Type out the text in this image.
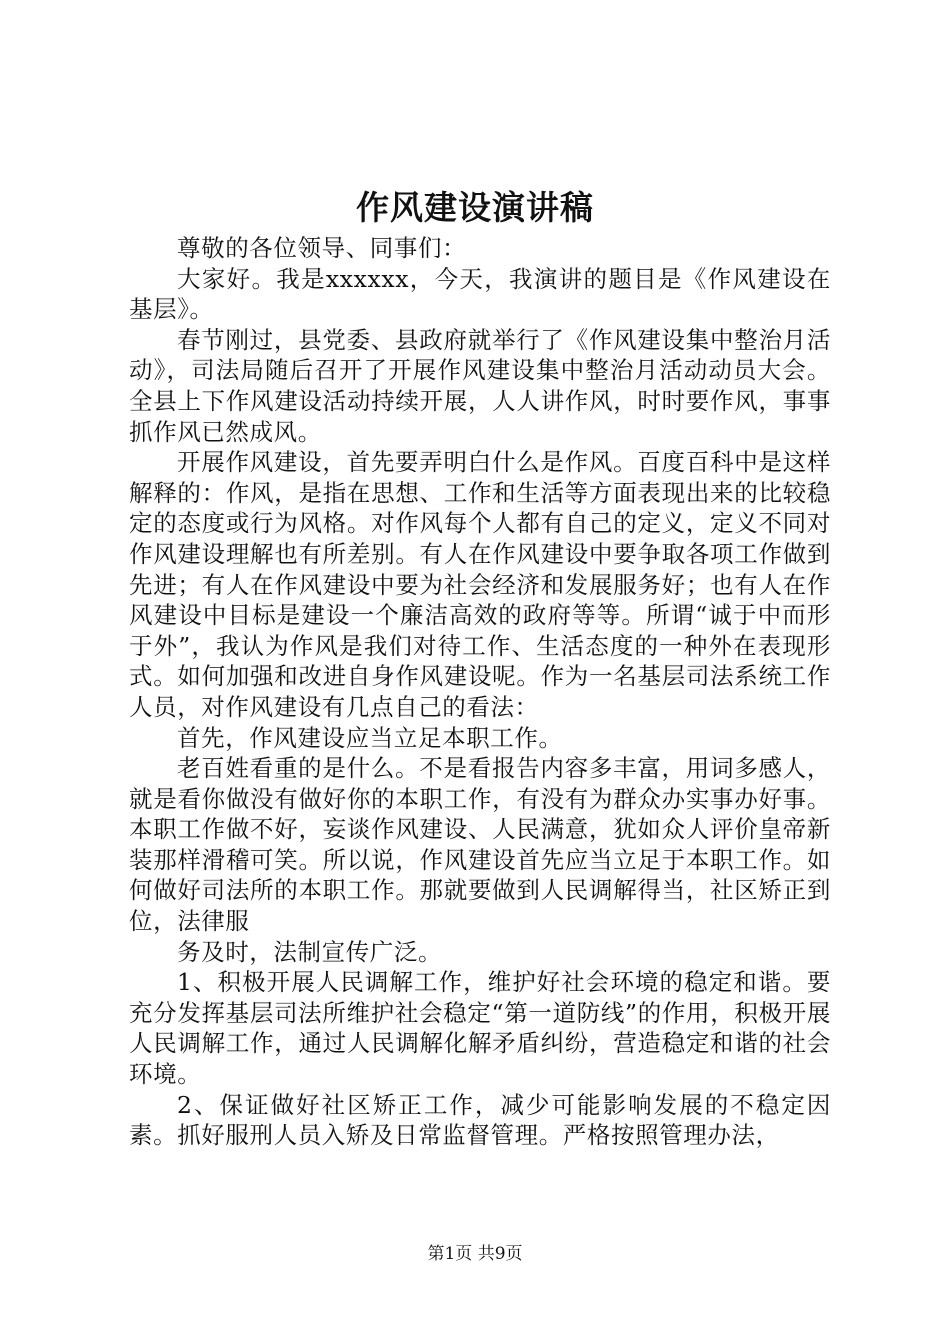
作风建设演讲稿

尊敬的各位领导、同事们：

大家好。我是xxxxxx，今天，我演讲的题目是《作风建设在基层》。

春节刚过，县党委、县政府就举行了《作风建设集中整治月活动》，司法局随后召开了开展作风建设集中整治月活动动员大会。全县上下作风建设活动持续开展，人人讲作风，时时要作风，事事抓作风已然成风。

开展作风建设，首先要弄明白什么是作风。百度百科中是这样解释的：作风，是指在思想、工作和生活等方面表现出来的比较稳定的态度或行为风格。对作风每个人都有自己的定义，定义不同对作风建设理解也有所差别。有人在作风建设中要争取各项工作做到先进；有人在作风建设中要为社会经济和发展服务好；也有人在作风建设中目标是建设一个廉洁高效的政府等等。所谓“诚于中而形于外”，我认为作风是我们对待工作、生活态度的一种外在表现形式。如何加强和改进自身作风建设呢。作为一名基层司法系统工作人员，对作风建设有几点自己的看法：

首先，作风建设应当立足本职工作。

老百姓看重的是什么。不是看报告内容多丰富，用词多感人，就是看你做没有做好你的本职工作，有没有为群众办实事办好事。本职工作做不好，妄谈作风建设、人民满意，犹如众人评价皇帝新装那样滑稽可笑。所以说，作风建设首先应当立足于本职工作。如何做好司法所的本职工作。那就要做到人民调解得当，社区矫正到位，法律服

务及时，法制宣传广泛。

1、积极开展人民调解工作，维护好社会环境的稳定和谐。要充分发挥基层司法所维护社会稳定“第一道防线”的作用，积极开展人民调解工作，通过人民调解化解矛盾纠纷，营造稳定和谐的社会环境。

2、保证做好社区矫正工作，减少可能影响发展的不稳定因素。抓好服刑人员入矫及日常监督管理。严格按照管理办法，

第1页 共9页
